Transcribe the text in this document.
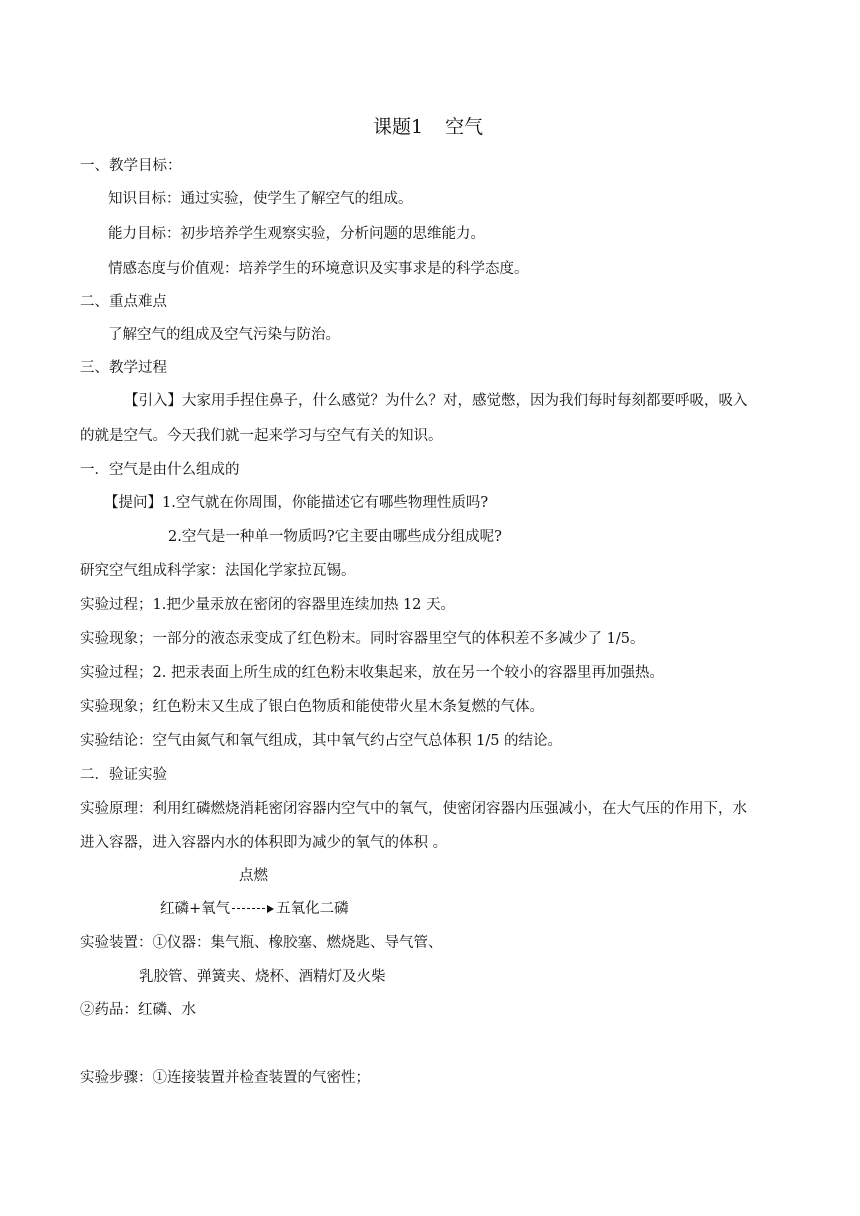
课题1 空气
一、教学目标：
知识目标：通过实验，使学生了解空气的组成。
能力目标：初步培养学生观察实验，分析问题的思维能力。
情感态度与价值观：培养学生的环境意识及实事求是的科学态度。
二、重点难点
了解空气的组成及空气污染与防治。
三、教学过程
【引入】大家用手捏住鼻子，什么感觉？为什么？对，感觉憋，因为我们每时每刻都要呼吸，吸入
的就是空气。今天我们就一起来学习与空气有关的知识。
一．空气是由什么组成的
【提问】1.空气就在你周围，你能描述它有哪些物理性质吗?
2.空气是一种单一物质吗?它主要由哪些成分组成呢?
研究空气组成科学家：法国化学家拉瓦锡。
实验过程；1.把少量汞放在密闭的容器里连续加热 12 天。
实验现象；一部分的液态汞变成了红色粉末。同时容器里空气的体积差不多减少了 1/5。
实验过程；2. 把汞表面上所生成的红色粉末收集起来，放在另一个较小的容器里再加强热。
实验现象；红色粉末又生成了银白色物质和能使带火星木条复燃的气体。
实验结论：空气由氮气和氧气组成，其中氧气约占空气总体积 1/5 的结论。
二．验证实验
实验原理：利用红磷燃烧消耗密闭容器内空气中的氧气，使密闭容器内压强减小，在大气压的作用下，水
进入容器，进入容器内水的体积即为减少的氧气的体积 。
点燃
红磷+氧气	五氧化二磷
实验装置：①仪器：集气瓶、橡胶塞、燃烧匙、导气管、
乳胶管、弹簧夹、烧杯、酒精灯及火柴
②药品：红磷、水
实验步骤：①连接装置并检查装置的气密性；
